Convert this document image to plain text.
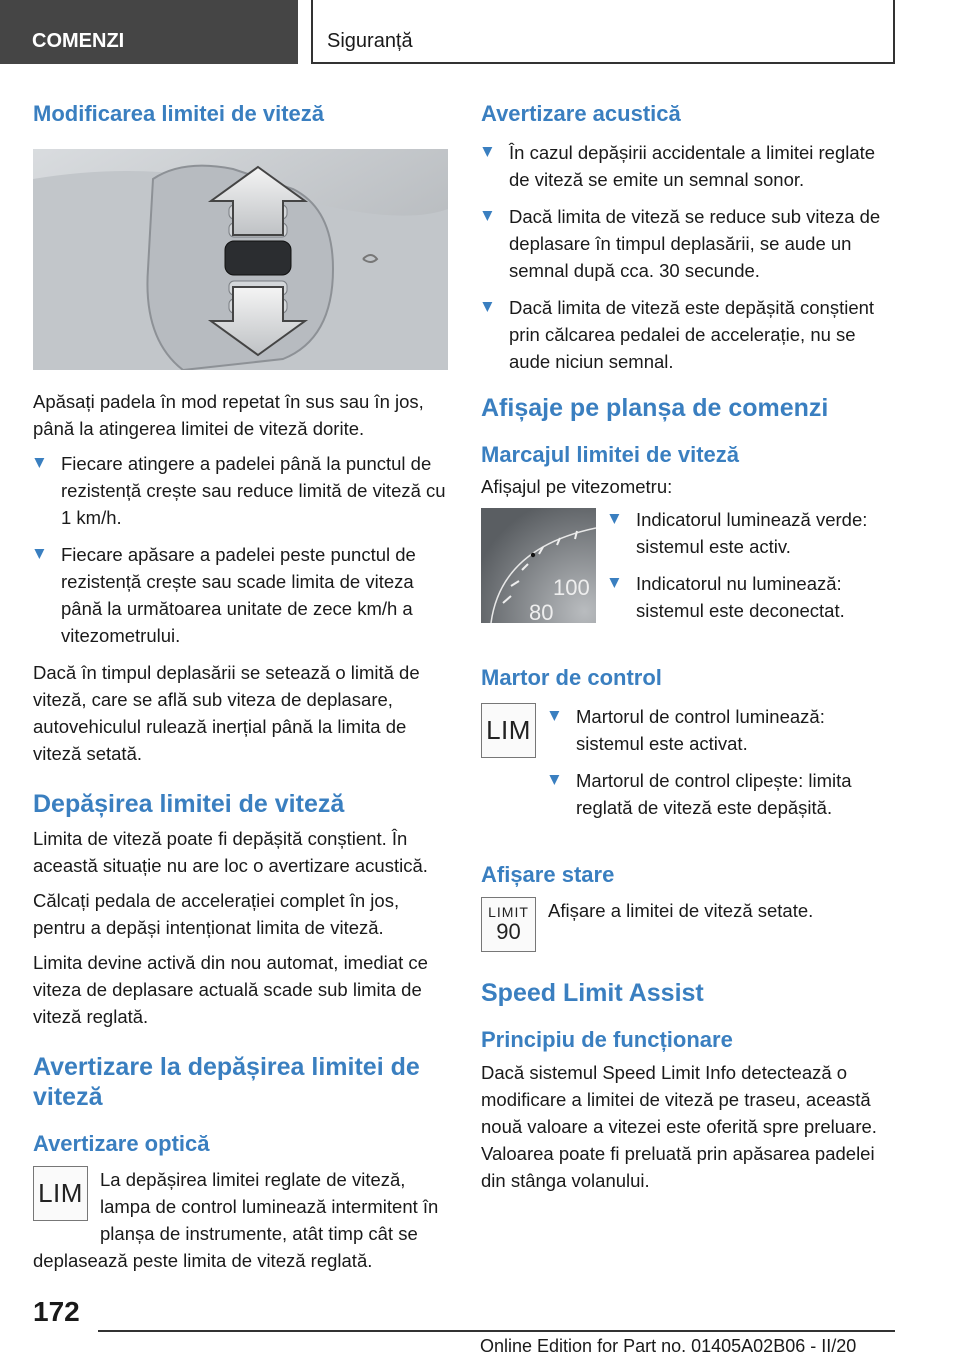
COMENZI	Siguranță
Modificarea limitei de viteză

Apăsați padela în mod repetat în sus sau în jos, până la atingerea limitei de viteză dorite.

▶ Fiecare atingere a padelei până la punctul de rezistență crește sau reduce limită de viteză cu 1 km/h.
▶ Fiecare apăsare a padelei peste punctul de rezistență crește sau scade limita de viteza până la următoarea unitate de zece km/h a vitezometrului.

Dacă în timpul deplasării se setează o limită de viteză, care se află sub viteza de deplasare, autovehiculul rulează inerțial până la limita de viteză setată.

Depășirea limitei de viteză

Limita de viteză poate fi depășită conștient. În această situație nu are loc o avertizare acustică.

Călcați pedala de accelerației complet în jos, pentru a depăși intenționat limita de viteză.

Limita devine activă din nou automat, imediat ce viteza de deplasare actuală scade sub limita de viteză reglată.

Avertizare la depășirea limitei de viteză
Avertizare optică
LIM La depășirea limitei reglate de viteză, lampa de control luminează intermitent în planșa de instrumente, atât timp cât se

deplasează peste limita de viteză reglată.

Avertizare acustică
▶ În cazul depășirii accidentale a limitei reglate de viteză se emite un semnal sonor.
▶ Dacă limita de viteză se reduce sub viteza de deplasare în timpul deplasării, se aude un semnal după cca. 30 secunde.
▶ Dacă limita de viteză este depășită conștient prin călcarea pedalei de accelerație, nu se aude niciun semnal.
Afișaje pe planșa de comenzi
Marcajul limitei de viteză

Afișajul pe vitezometru:

100
80
▶ Indicatorul luminează verde: sistemul este activ.
▶ Indicatorul nu luminează: sistemul este deconectat.
Martor de control
LIM	▶ Martorul de control luminează: sistemul este activat.
▶ Martorul de control clipește: limita reglată de viteză este depășită.
Afișare stare
LIMIT
90

Afișare a limitei de viteză setate.

Speed Limit Assist
Principiu de funcționare

Dacă sistemul Speed Limit Info detectează o modificare a limitei de viteză pe traseu, această nouă valoare a vitezei este oferită spre preluare. Valoarea poate fi preluată prin apăsarea padelei din stânga volanului.

172
Online Edition for Part no. 01405A02B06 - II/20
